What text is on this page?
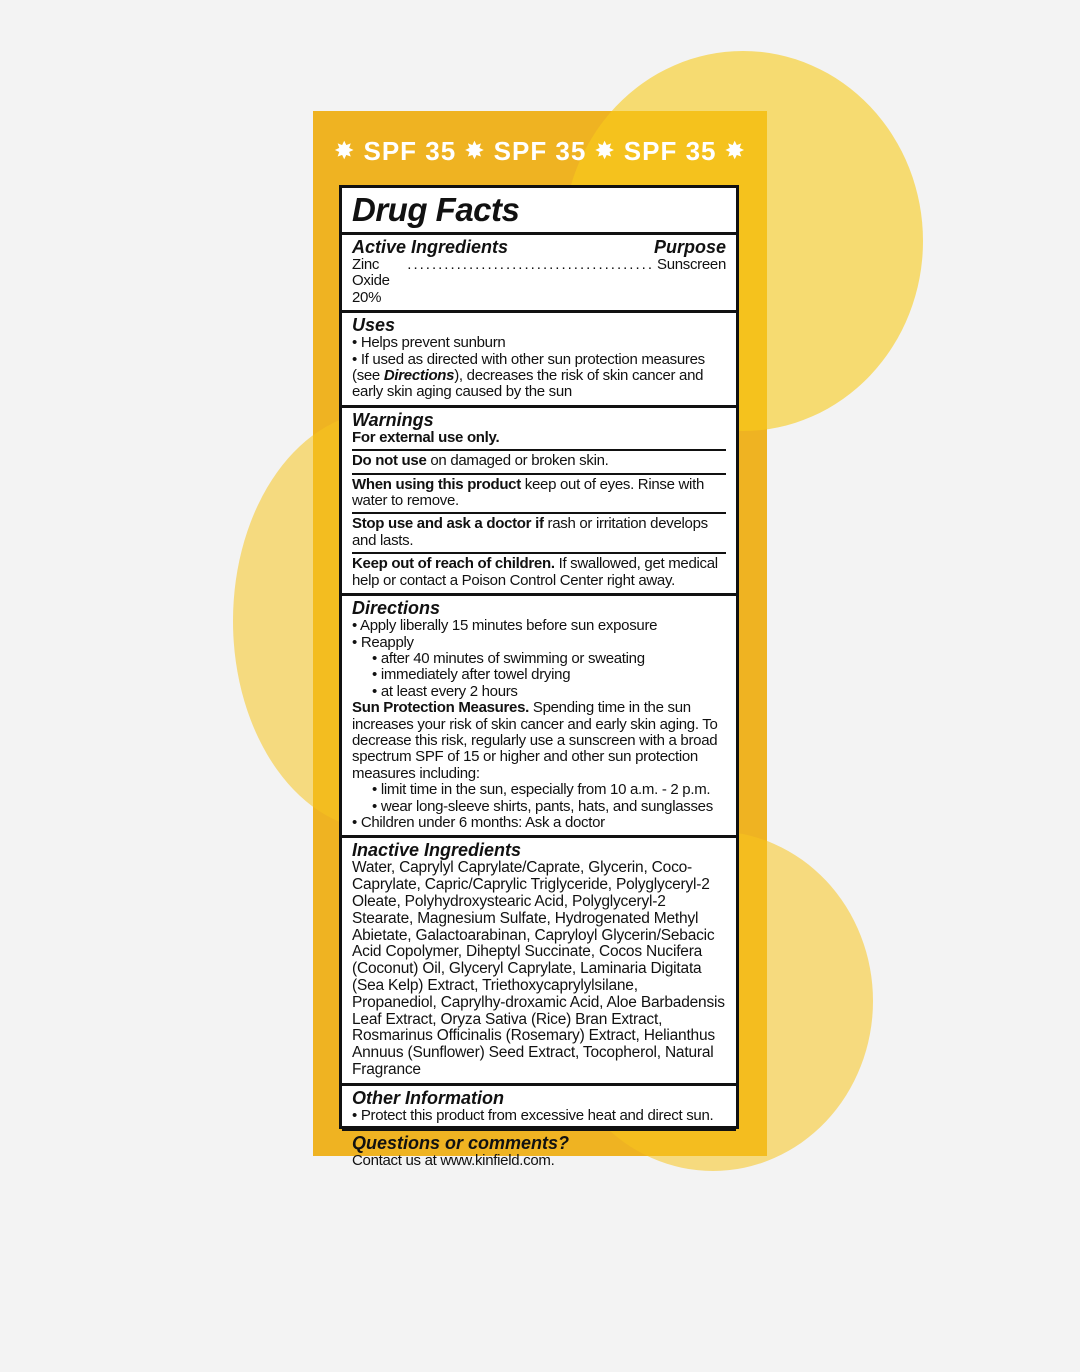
✸ SPF 35 ✸ SPF 35 ✸ SPF 35 ✸
Drug Facts
Active Ingredients	Purpose
Zinc Oxide 20%
........................................ Sunscreen
Uses
• Helps prevent sunburn
• If used as directed with other sun protection measures (see Directions), decreases the risk of skin cancer and early skin aging caused by the sun
Warnings
For external use only.
Do not use on damaged or broken skin.
When using this product keep out of eyes. Rinse with water to remove.
Stop use and ask a doctor if rash or irritation develops and lasts.
Keep out of reach of children. If swallowed, get medical help or contact a Poison Control Center right away.
Directions
• Apply liberally 15 minutes before sun exposure
• Reapply
• after 40 minutes of swimming or sweating
• immediately after towel drying
• at least every 2 hours
Sun Protection Measures. Spending time in the sun increases your risk of skin cancer and early skin aging. To decrease this risk, regularly use a sunscreen with a broad spectrum SPF of 15 or higher and other sun protection measures including:
• limit time in the sun, especially from 10 a.m. - 2 p.m.
• wear long-sleeve shirts, pants, hats, and sunglasses
• Children under 6 months: Ask a doctor
Inactive Ingredients
Water, Caprylyl Caprylate/Caprate, Glycerin, Coco-Caprylate, Capric/Caprylic Triglyceride, Polyglyceryl-2 Oleate, Polyhydroxystearic Acid, Polyglyceryl-2 Stearate, Magnesium Sulfate, Hydrogenated Methyl Abietate, Galactoarabinan, Capryloyl Glycerin/Sebacic Acid Copolymer, Diheptyl Succinate, Cocos Nucifera (Coconut) Oil, Glyceryl Caprylate, Laminaria Digitata (Sea Kelp) Extract, Triethoxycaprylylsilane, Propanediol, Caprylhy-droxamic Acid, Aloe Barbadensis Leaf Extract, Oryza Sativa (Rice) Bran Extract, Rosmarinus Officinalis (Rosemary) Extract, Helianthus Annuus (Sunflower) Seed Extract, Tocopherol, Natural Fragrance
Other Information
• Protect this product from excessive heat and direct sun.
Questions or comments?
Contact us at www.kinfield.com.
